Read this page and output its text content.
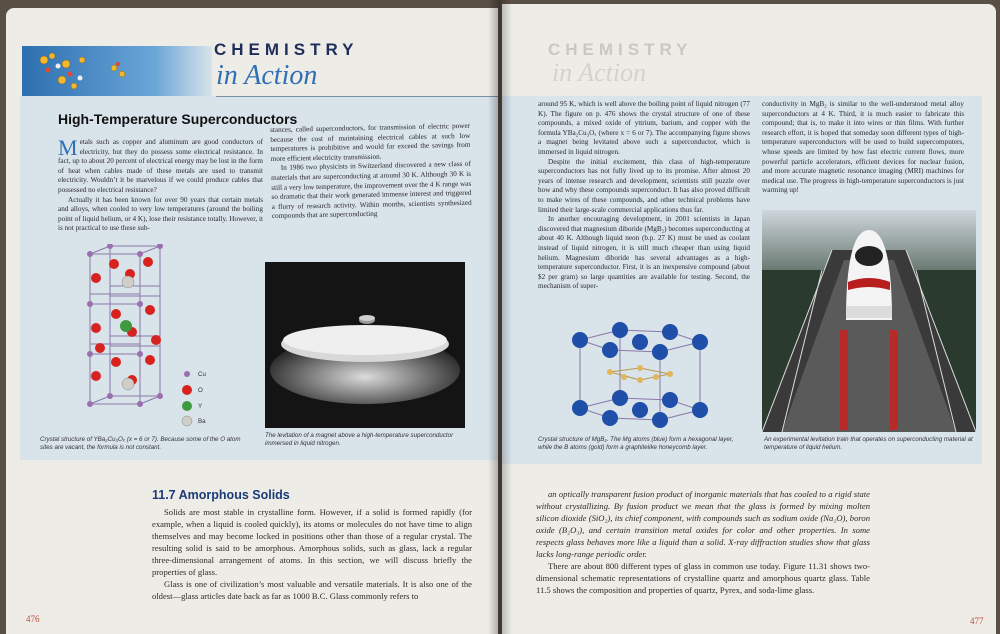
CHEMISTRY
in Action
CHEMISTRY
in Action
High-Temperature Superconductors
M etals such as copper and aluminum are good conductors of electricity, but they do possess some electrical resistance. In fact, up to about 20 percent of electrical energy may be lost in the form of heat when cables made of these metals are used to transmit electricity. Wouldn’t it be marvelous if we could produce cables that possessed no electrical resistance?

Actually it has been known for over 90 years that certain metals and alloys, when cooled to very low temperatures (around the boiling point of liquid helium, or 4 K), lose their resistance totally. However, it is not practical to use these sub-

stances, called superconductors, for transmission of electric power because the cost of maintaining electrical cables at such low temperatures is prohibitive and would far exceed the savings from more efficient electricity transmission.

In 1986 two physicists in Switzerland discovered a new class of materials that are superconducting at around 30 K. Although 30 K is still a very low temperature, the improvement over the 4 K range was so dramatic that their work generated immense interest and triggered a flurry of research activity. Within months, scientists synthesized compounds that are superconducting

Cu
O
Y
Ba
Crystal structure of YBa₂Cu₃Oₓ (x = 6 or 7). Because some of the O atom sites are vacant, the formula is not constant.
The levitation of a magnet above a high-temperature superconductor immersed in liquid nitrogen.

around 95 K, which is well above the boiling point of liquid nitrogen (77 K). The figure on p. 476 shows the crystal structure of one of these compounds, a mixed oxide of yttrium, barium, and copper with the formula YBa₂Cu₃Oₓ (where x = 6 or 7). The accompanying figure shows a magnet being levitated above such a superconductor, which is immersed in liquid nitrogen.

Despite the initial excitement, this class of high-temperature superconductors has not fully lived up to its promise. After almost 20 years of intense research and development, scientists still puzzle over how and why these compounds superconduct. It has also proved difficult to make wires of these compounds, and other technical problems have limited their large-scale commercial applications thus far.

In another encouraging development, in 2001 scientists in Japan discovered that magnesium diboride (MgB₂) becomes superconducting at about 40 K. Although liquid neon (b.p. 27 K) must be used as coolant instead of liquid nitrogen, it is still much cheaper than using liquid helium. Magnesium diboride has several advantages as a high-temperature superconductor. First, it is an inexpensive compound (about $2 per gram) so large quantities are available for testing. Second, the mechanism of super-

conductivity in MgB₂ is similar to the well-understood metal alloy superconductors at 4 K. Third, it is much easier to fabricate this compound; that is, to make it into wires or thin films. With further research effort, it is hoped that someday soon different types of high-temperature superconductors will be used to build supercomputers, whose speeds are limited by how fast electric current flows, more powerful particle accelerators, efficient devices for nuclear fusion, and more accurate magnetic resonance imaging (MRI) machines for medical use. The progress in high-temperature superconductors is just warming up!

Crystal structure of MgB₂. The Mg atoms (blue) form a hexagonal layer, while the B atoms (gold) form a graphitelike honeycomb layer.
An experimental levitation train that operates on superconducting material at temperature of liquid helium.
11.7 Amorphous Solids

Solids are most stable in crystalline form. However, if a solid is formed rapidly (for example, when a liquid is cooled quickly), its atoms or molecules do not have time to align themselves and may become locked in positions other than those of a regular crystal. The resulting solid is said to be amorphous. Amorphous solids, such as glass, lack a regular three-dimensional arrangement of atoms. In this section, we will discuss briefly the properties of glass.

Glass is one of civilization’s most valuable and versatile materials. It is also one of the oldest—glass articles date back as far as 1000 B.C. Glass commonly refers to

an optically transparent fusion product of inorganic materials that has cooled to a rigid state without crystallizing. By fusion product we mean that the glass is formed by mixing molten silicon dioxide (SiO₂), its chief component, with compounds such as sodium oxide (Na₂O), boron oxide (B₂O₃), and certain transition metal oxides for color and other properties. In some respects glass behaves more like a liquid than a solid. X-ray diffraction studies show that glass lacks long-range periodic order.

There are about 800 different types of glass in common use today. Figure 11.31 shows two-dimensional schematic representations of crystalline quartz and amorphous quartz glass. Table 11.5 shows the composition and properties of quartz, Pyrex, and soda-lime glass.

476	477
